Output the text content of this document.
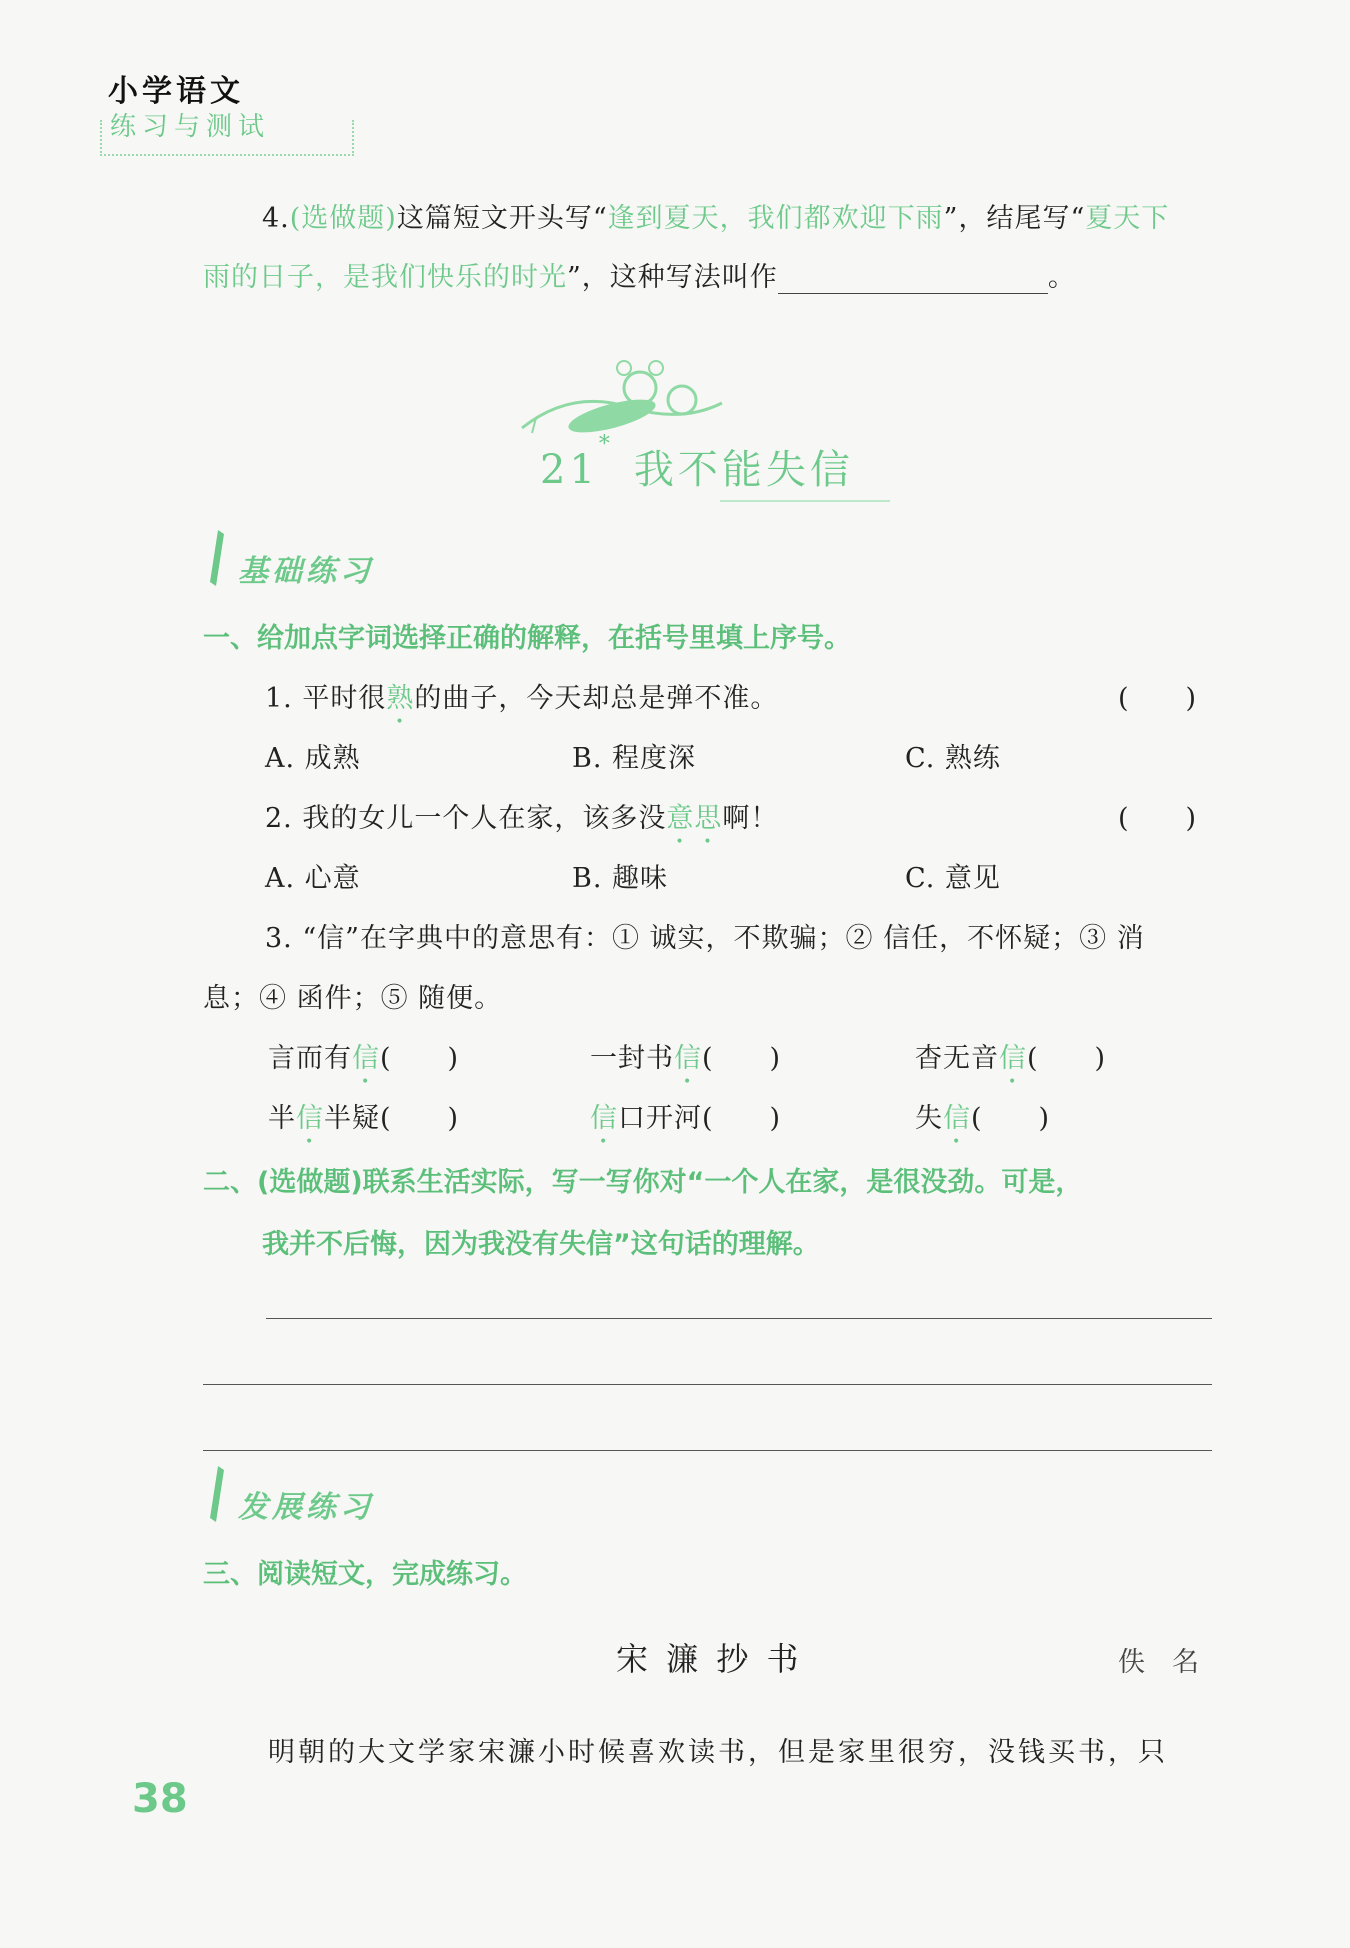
小学语文
练习与测试
4.(选做题)这篇短文开头写“逢到夏天，我们都欢迎下雨”，结尾写“夏天下
雨的日子，是我们快乐的时光”，这种写法叫作	。
21*我不能失信
基础练习
一、给加点字词选择正确的解释，在括号里填上序号。
1. 平时很熟的曲子，今天却总是弹不准。	(　　)
A. 成熟	B. 程度深	C. 熟练
2. 我的女儿一个人在家，该多没意思啊！	(　　)
A. 心意	B. 趣味	C. 意见
3. “信”在字典中的意思有：① 诚实，不欺骗；② 信任，不怀疑；③ 消
息；④ 函件；⑤ 随便。
言而有信(　　)	一封书信(　　)	杳无音信(　　)
半信半疑(　　)	信口开河(　　)	失信(　　)
二、(选做题)联系生活实际，写一写你对“一个人在家，是很没劲。可是，
我并不后悔，因为我没有失信”这句话的理解。
发展练习
三、阅读短文，完成练习。
宋 濂 抄 书	佚　名
明朝的大文学家宋濂小时候喜欢读书，但是家里很穷，没钱买书，只
38
